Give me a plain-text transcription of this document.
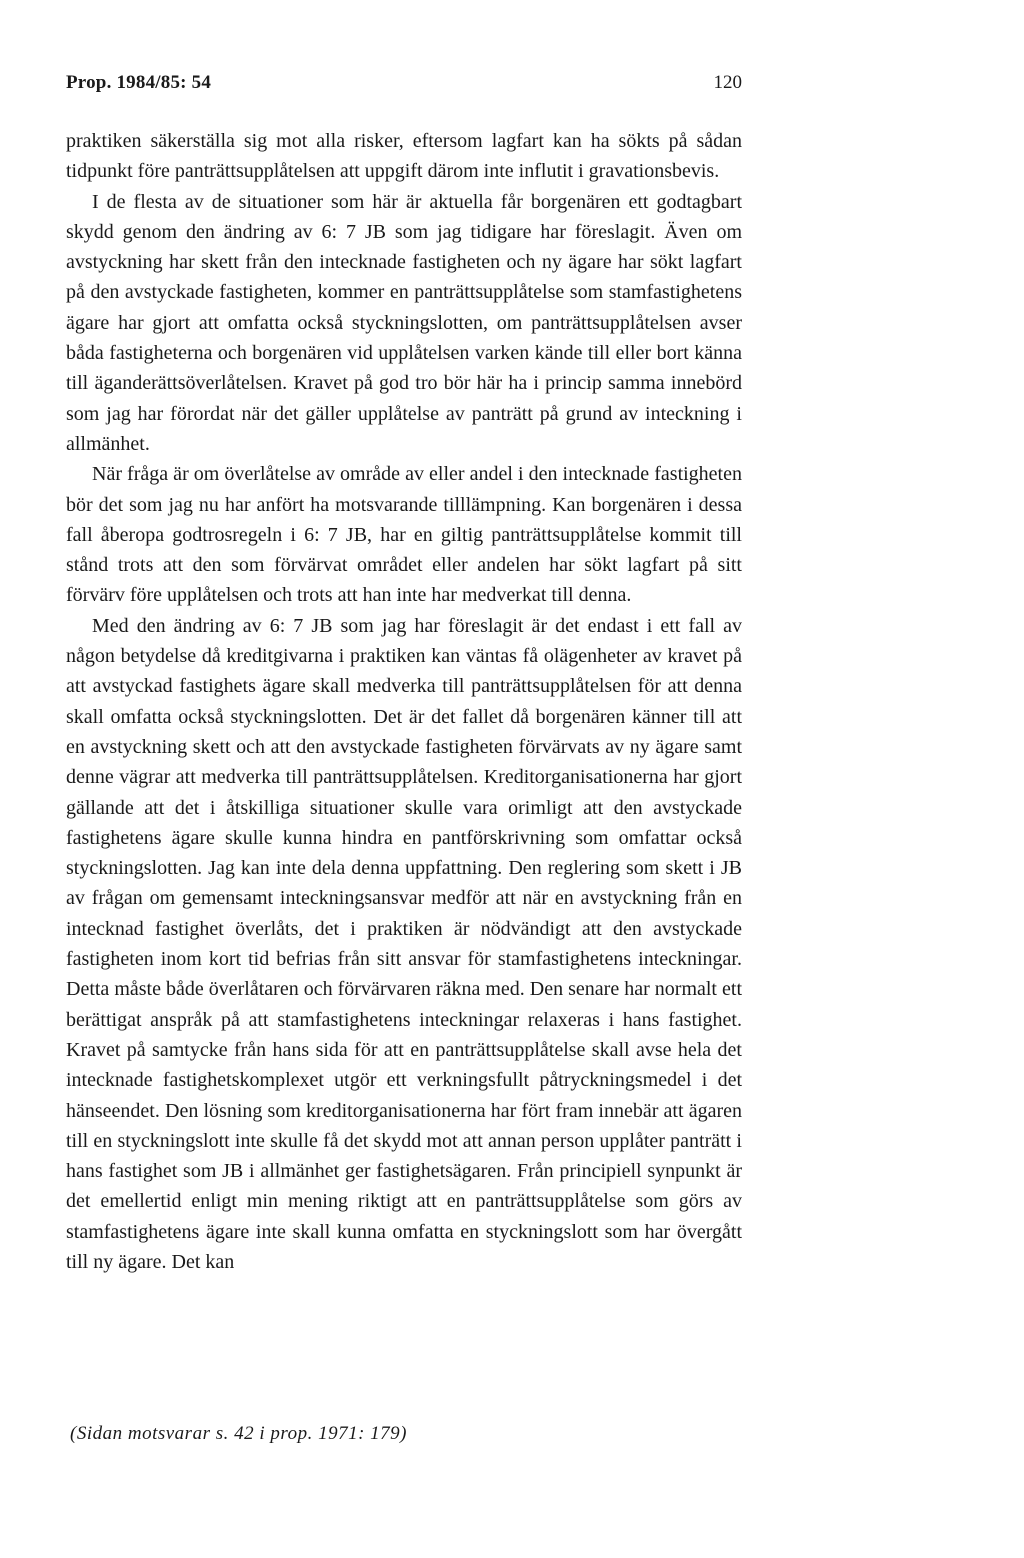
Prop. 1984/85: 54	120

praktiken säkerställa sig mot alla risker, eftersom lagfart kan ha sökts på sådan tidpunkt före panträttsupplåtelsen att uppgift därom inte influtit i gravationsbevis.

I de flesta av de situationer som här är aktuella får borgenären ett godtagbart skydd genom den ändring av 6: 7 JB som jag tidigare har föreslagit. Även om avstyckning har skett från den intecknade fastigheten och ny ägare har sökt lagfart på den avstyckade fastigheten, kommer en panträttsupplåtelse som stamfastighetens ägare har gjort att omfatta också styckningslotten, om panträttsupplåtelsen avser båda fastigheterna och borgenären vid upplåtelsen varken kände till eller bort känna till äganderättsöverlåtelsen. Kravet på god tro bör här ha i princip samma innebörd som jag har förordat när det gäller upplåtelse av panträtt på grund av inteckning i allmänhet.

När fråga är om överlåtelse av område av eller andel i den intecknade fastigheten bör det som jag nu har anfört ha motsvarande tilllämpning. Kan borgenären i dessa fall åberopa godtrosregeln i 6: 7 JB, har en giltig panträttsupplåtelse kommit till stånd trots att den som förvärvat området eller andelen har sökt lagfart på sitt förvärv före upplåtelsen och trots att han inte har medverkat till denna.

Med den ändring av 6: 7 JB som jag har föreslagit är det endast i ett fall av någon betydelse då kreditgivarna i praktiken kan väntas få olägenheter av kravet på att avstyckad fastighets ägare skall medverka till panträttsupplåtelsen för att denna skall omfatta också styckningslotten. Det är det fallet då borgenären känner till att en avstyckning skett och att den avstyckade fastigheten förvärvats av ny ägare samt denne vägrar att medverka till panträttsupplåtelsen. Kreditorganisationerna har gjort gällande att det i åtskilliga situationer skulle vara orimligt att den avstyckade fastighetens ägare skulle kunna hindra en pantförskrivning som omfattar också styckningslotten. Jag kan inte dela denna uppfattning. Den reglering som skett i JB av frågan om gemensamt inteckningsansvar medför att när en avstyckning från en intecknad fastighet överlåts, det i praktiken är nödvändigt att den avstyckade fastigheten inom kort tid befrias från sitt ansvar för stamfastighetens inteckningar. Detta måste både överlåtaren och förvärvaren räkna med. Den senare har normalt ett berättigat anspråk på att stamfastighetens inteckningar relaxeras i hans fastighet. Kravet på samtycke från hans sida för att en panträttsupplåtelse skall avse hela det intecknade fastighetskomplexet utgör ett verkningsfullt påtryckningsmedel i det hänseendet. Den lösning som kreditorganisationerna har fört fram innebär att ägaren till en styckningslott inte skulle få det skydd mot att annan person upplåter panträtt i hans fastighet som JB i allmänhet ger fastighetsägaren. Från principiell synpunkt är det emellertid enligt min mening riktigt att en panträttsupplåtelse som görs av stamfastighetens ägare inte skall kunna omfatta en styckningslott som har övergått till ny ägare. Det kan

(Sidan motsvarar s. 42 i prop. 1971: 179)
